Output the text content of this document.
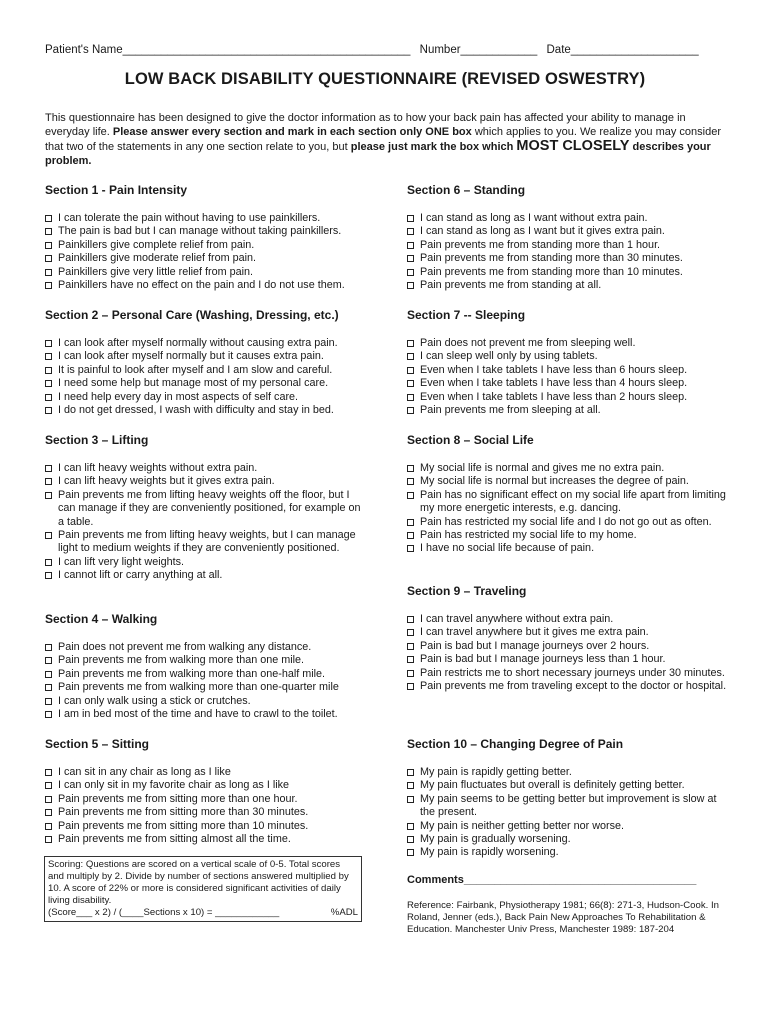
Patient's Name_____________________________________________ Number____________ Date____________________
LOW BACK DISABILITY QUESTIONNAIRE (REVISED OSWESTRY)
This questionnaire has been designed to give the doctor information as to how your back pain has affected your ability to manage in everyday life. Please answer every section and mark in each section only ONE box which applies to you. We realize you may consider that two of the statements in any one section relate to you, but please just mark the box which MOST CLOSELY describes your problem.
Section 1 - Pain Intensity
I can tolerate the pain without having to use painkillers.
The pain is bad but I can manage without taking painkillers.
Painkillers give complete relief from pain.
Painkillers give moderate relief from pain.
Painkillers give very little relief from pain.
Painkillers have no effect on the pain and I do not use them.
Section 2 – Personal Care (Washing, Dressing, etc.)
I can look after myself normally without causing extra pain.
I can look after myself normally but it causes extra pain.
It is painful to look after myself and I am slow and careful.
I need some help but manage most of my personal care.
I need help every day in most aspects of self care.
I do not get dressed, I wash with difficulty and stay in bed.
Section 3 – Lifting
I can lift heavy weights without extra pain.
I can lift heavy weights but it gives extra pain.
Pain prevents me from lifting heavy weights off the floor, but I can manage if they are conveniently positioned, for example on a table.
Pain prevents me from lifting heavy weights, but I can manage light to medium weights if they are conveniently positioned.
I can lift very light weights.
I cannot lift or carry anything at all.
Section 4 – Walking
Pain does not prevent me from walking any distance.
Pain prevents me from walking more than one mile.
Pain prevents me from walking more than one-half mile.
Pain prevents me from walking more than one-quarter mile
I can only walk using a stick or crutches.
I am in bed most of the time and have to crawl to the toilet.
Section 5 – Sitting
I can sit in any chair as long as I like
I can only sit in my favorite chair as long as I like
Pain prevents me from sitting more than one hour.
Pain prevents me from sitting more than 30 minutes.
Pain prevents me from sitting more than 10 minutes.
Pain prevents me from sitting almost all the time.
Section 6 – Standing
I can stand as long as I want without extra pain.
I can stand as long as I want but it gives extra pain.
Pain prevents me from standing more than 1 hour.
Pain prevents me from standing more than 30 minutes.
Pain prevents me from standing more than 10 minutes.
Pain prevents me from standing at all.
Section 7 -- Sleeping
Pain does not prevent me from sleeping well.
I can sleep well only by using tablets.
Even when I take tablets I have less than 6 hours sleep.
Even when I take tablets I have less than 4 hours sleep.
Even when I take tablets I have less than 2 hours sleep.
Pain prevents me from sleeping at all.
Section 8 – Social Life
My social life is normal and gives me no extra pain.
My social life is normal but increases the degree of pain.
Pain has no significant effect on my social life apart from limiting my more energetic interests, e.g. dancing.
Pain has restricted my social life and I do not go out as often.
Pain has restricted my social life to my home.
I have no social life because of pain.
Section 9 – Traveling
I can travel anywhere without extra pain.
I can travel anywhere but it gives me extra pain.
Pain is bad but I manage journeys over 2 hours.
Pain is bad but I manage journeys less than 1 hour.
Pain restricts me to short necessary journeys under 30 minutes.
Pain prevents me from traveling except to the doctor or hospital.
Section 10 – Changing Degree of Pain
My pain is rapidly getting better.
My pain fluctuates but overall is definitely getting better.
My pain seems to be getting better but improvement is slow at the present.
My pain is neither getting better nor worse.
My pain is gradually worsening.
My pain is rapidly worsening.
Scoring: Questions are scored on a vertical scale of 0-5. Total scores and multiply by 2. Divide by number of sections answered multiplied by 10. A score of 22% or more is considered significant activities of daily living disability.
(Score___ x 2) / (____Sections x 10) = ____________	%ADL
Comments______________________________________
Reference: Fairbank, Physiotherapy 1981; 66(8): 271-3, Hudson-Cook. In Roland, Jenner (eds.), Back Pain New Approaches To Rehabilitation & Education. Manchester Univ Press, Manchester 1989: 187-204
